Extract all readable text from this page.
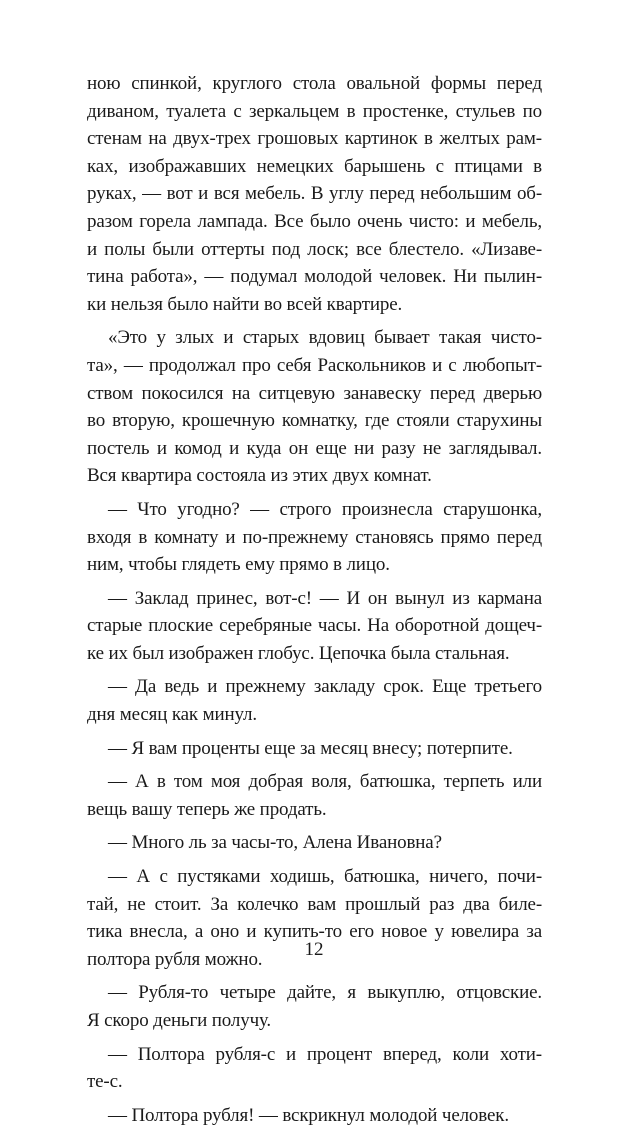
ною спинкой, круглого стола овальной формы перед
диваном, туалета с зеркальцем в простенке, стульев по
стенам на двух-трех грошовых картинок в желтых рам-
ках, изображавших немецких барышень с птицами в
руках, — вот и вся мебель. В углу перед небольшим об-
разом горела лампада. Все было очень чисто: и мебель,
и полы были оттерты под лоск; все блестело. «Лизаве-
тина работа», — подумал молодой человек. Ни пылин-
ки нельзя было найти во всей квартире.
«Это у злых и старых вдовиц бывает такая чисто-
та», — продолжал про себя Раскольников и с любопыт-
ством покосился на ситцевую занавеску перед дверью
во вторую, крошечную комнатку, где стояли старухины
постель и комод и куда он еще ни разу не заглядывал.
Вся квартира состояла из этих двух комнат.
— Что угодно? — строго произнесла старушонка,
входя в комнату и по-прежнему становясь прямо перед
ним, чтобы глядеть ему прямо в лицо.
— Заклад принес, вот-с! — И он вынул из кармана
старые плоские серебряные часы. На оборотной дощеч-
ке их был изображен глобус. Цепочка была стальная.
— Да ведь и прежнему закладу срок. Еще третьего
дня месяц как минул.
— Я вам проценты еще за месяц внесу; потерпите.
— А в том моя добрая воля, батюшка, терпеть или
вещь вашу теперь же продать.
— Много ль за часы-то, Алена Ивановна?
— А с пустяками ходишь, батюшка, ничего, почи-
тай, не стоит. За колечко вам прошлый раз два биле-
тика внесла, а оно и купить-то его новое у ювелира за
полтора рубля можно.
— Рубля-то четыре дайте, я выкуплю, отцовские.
Я скоро деньги получу.
— Полтора рубля-с и процент вперед, коли хоти-
те-с.
— Полтора рубля! — вскрикнул молодой человек.
12
